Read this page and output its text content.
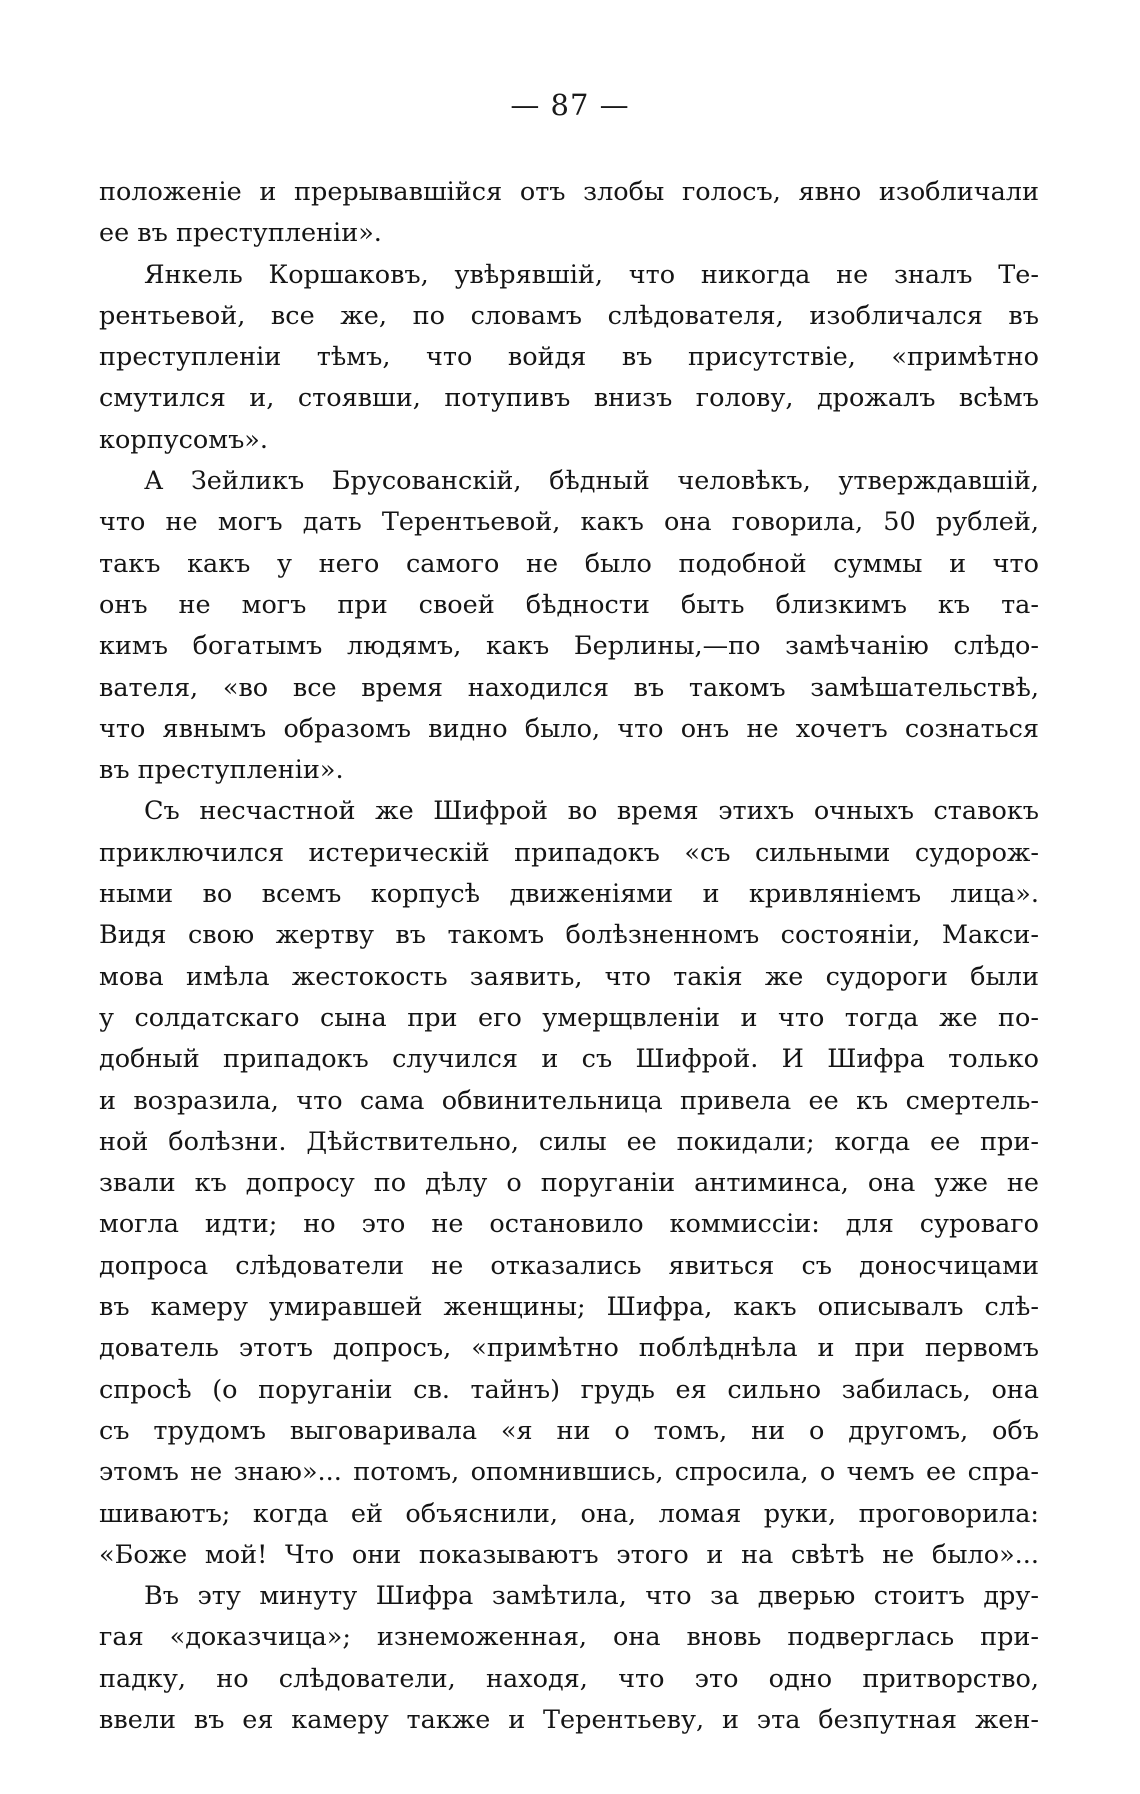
— 87 —
положеніе и прерывавшійся отъ злобы голосъ, явно изобличали
ее въ преступленіи».
Янкель Коршаковъ, увѣрявшій, что никогда не зналъ Те-
рентьевой, все же, по словамъ слѣдователя, изобличался въ
преступленіи тѣмъ, что войдя въ присутствіе, «примѣтно
смутился и, стоявши, потупивъ внизъ голову, дрожалъ всѣмъ
корпусомъ».
А Зейликъ Брусованскій, бѣдный человѣкъ, утверждавшій,
что не могъ дать Терентьевой, какъ она говорила, 50 рублей,
такъ какъ у него самого не было подобной суммы и что
онъ не могъ при своей бѣдности быть близкимъ къ та-
кимъ богатымъ людямъ, какъ Берлины,—по замѣчанію слѣдо-
вателя, «во все время находился въ такомъ замѣшательствѣ,
что явнымъ образомъ видно было, что онъ не хочетъ сознаться
въ преступленіи».
Съ несчастной же Шифрой во время этихъ очныхъ ставокъ
приключился истерическій припадокъ «съ сильными судорож-
ными во всемъ корпусѣ движеніями и кривляніемъ лица».
Видя свою жертву въ такомъ болѣзненномъ состояніи, Макси-
мова имѣла жестокость заявить, что такія же судороги были
у солдатскаго сына при его умерщвленіи и что тогда же по-
добный припадокъ случился и съ Шифрой. И Шифра только
и возразила, что сама обвинительница привела ее къ смертель-
ной болѣзни. Дѣйствительно, силы ее покидали; когда ее при-
звали къ допросу по дѣлу о поруганіи антиминса, она уже не
могла идти; но это не остановило коммиссіи: для суроваго
допроса слѣдователи не отказались явиться съ доносчицами
въ камеру умиравшей женщины; Шифра, какъ описывалъ слѣ-
дователь этотъ допросъ, «примѣтно поблѣднѣла и при первомъ
спросѣ (о поруганіи св. тайнъ) грудь ея сильно забилась, она
съ трудомъ выговаривала «я ни о томъ, ни о другомъ, объ
этомъ не знаю»... потомъ, опомнившись, спросила, о чемъ ее спра-
шиваютъ; когда ей объяснили, она, ломая руки, проговорила:
«Боже мой! Что они показываютъ этого и на свѣтѣ не было»...
Въ эту минуту Шифра замѣтила, что за дверью стоитъ дру-
гая «доказчица»; изнеможенная, она вновь подверглась при-
падку, но слѣдователи, находя, что это одно притворство,
ввели въ ея камеру также и Терентьеву, и эта безпутная жен-
